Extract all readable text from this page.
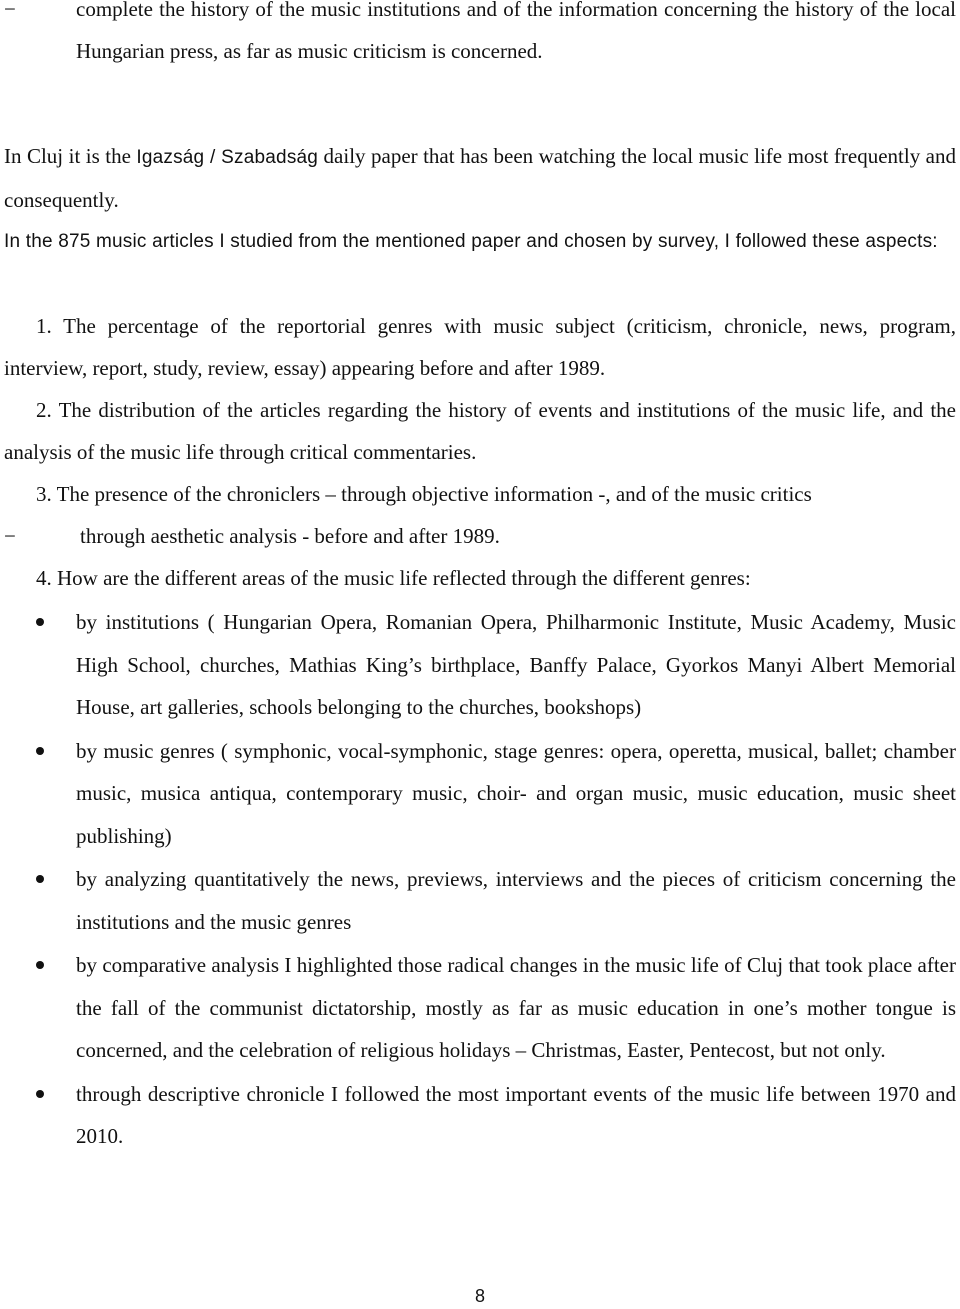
−	complete the history of the music institutions and of the information concerning the history of the local Hungarian press, as far as music criticism is concerned.
In Cluj it is the Igazság / Szabadság daily paper that has been watching the local music life most frequently and consequently.
In the 875 music articles I studied from the mentioned paper and chosen by survey, I followed these aspects:
1. The percentage of the reportorial genres with music subject (criticism, chronicle, news, program, interview, report, study, review, essay) appearing before and after 1989.
2. The distribution of the articles regarding the history of events and institutions of the music life, and the analysis of the music life through critical commentaries.
3. The presence of the chroniclers – through objective information -, and of the music critics
−	through aesthetic analysis - before and after 1989.
4. How are the different areas of the music life reflected through the different genres:
by institutions ( Hungarian Opera, Romanian Opera, Philharmonic Institute, Music Academy, Music High School, churches, Mathias King’s birthplace, Banffy Palace, Gyorkos Manyi Albert Memorial House, art galleries, schools belonging to the churches, bookshops)
by music genres ( symphonic, vocal-symphonic, stage genres: opera, operetta, musical, ballet; chamber music, musica antiqua, contemporary music, choir- and organ music, music education, music sheet publishing)
by analyzing quantitatively the news, previews, interviews and the pieces of criticism concerning the institutions and the music genres
by comparative analysis I highlighted those radical changes in the music life of Cluj that took place after the fall of the communist dictatorship, mostly as far as music education in one’s mother tongue is concerned, and the celebration of religious holidays – Christmas, Easter, Pentecost, but not only.
through descriptive chronicle I followed the most important events of the music life between 1970 and 2010.
8
